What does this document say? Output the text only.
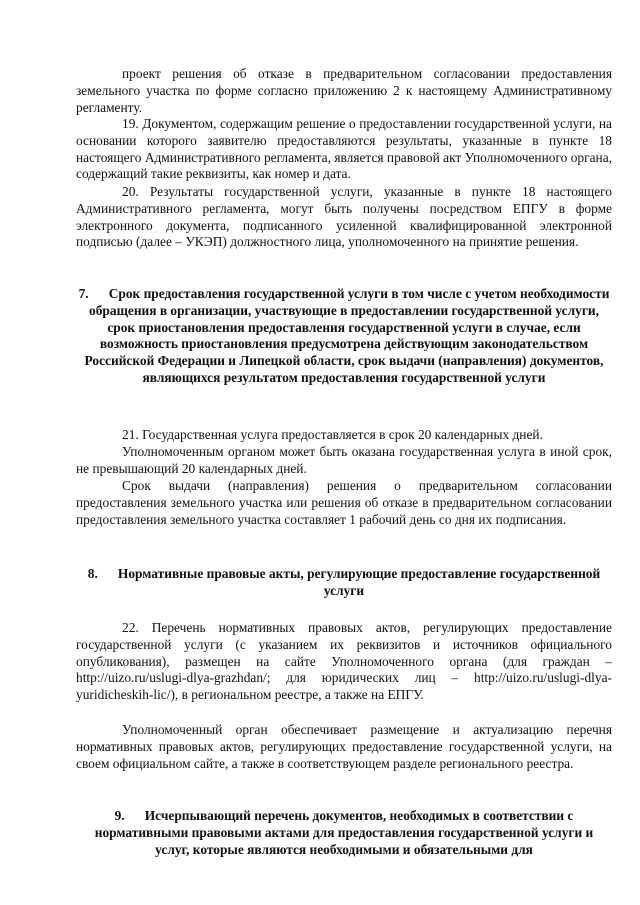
проект решения об отказе в предварительном согласовании предоставления земельного участка по форме согласно приложению 2 к настоящему Административному регламенту.

19. Документом, содержащим решение о предоставлении государственной услуги, на основании которого заявителю предоставляются результаты, указанные в пункте 18 настоящего Административного регламента, является правовой акт Уполномоченного органа, содержащий такие реквизиты, как номер и дата.

20. Результаты государственной услуги, указанные в пункте 18 настоящего Административного регламента, могут быть получены посредством ЕПГУ в форме электронного документа, подписанного усиленной квалифицированной электронной подписью (далее – УКЭП) должностного лица, уполномоченного на принятие решения.

7. Срок предоставления государственной услуги в том числе с учетом необходимости обращения в организации, участвующие в предоставлении государственной услуги, срок приостановления предоставления государственной услуги в случае, если возможность приостановления предусмотрена действующим законодательством Российской Федерации и Липецкой области, срок выдачи (направления) документов, являющихся результатом предоставления государственной услуги

21. Государственная услуга предоставляется в срок 20 календарных дней.

Уполномоченным органом может быть оказана государственная услуга в иной срок, не превышающий 20 календарных дней.

Срок выдачи (направления) решения о предварительном согласовании предоставления земельного участка или решения об отказе в предварительном согласовании предоставления земельного участка составляет 1 рабочий день со дня их подписания.

8. Нормативные правовые акты, регулирующие предоставление государственной услуги

22. Перечень нормативных правовых актов, регулирующих предоставление государственной услуги (с указанием их реквизитов и источников официального опубликования), размещен на сайте Уполномоченного органа (для граждан – http://uizo.ru/uslugi-dlya-grazhdan/; для юридических лиц – http://uizo.ru/uslugi-dlya-yuridicheskih-lic/), в региональном реестре, а также на ЕПГУ.

Уполномоченный орган обеспечивает размещение и актуализацию перечня нормативных правовых актов, регулирующих предоставление государственной услуги, на своем официальном сайте, а также в соответствующем разделе регионального реестра.

9. Исчерпывающий перечень документов, необходимых в соответствии с нормативными правовыми актами для предоставления государственной услуги и услуг, которые являются необходимыми и обязательными для
